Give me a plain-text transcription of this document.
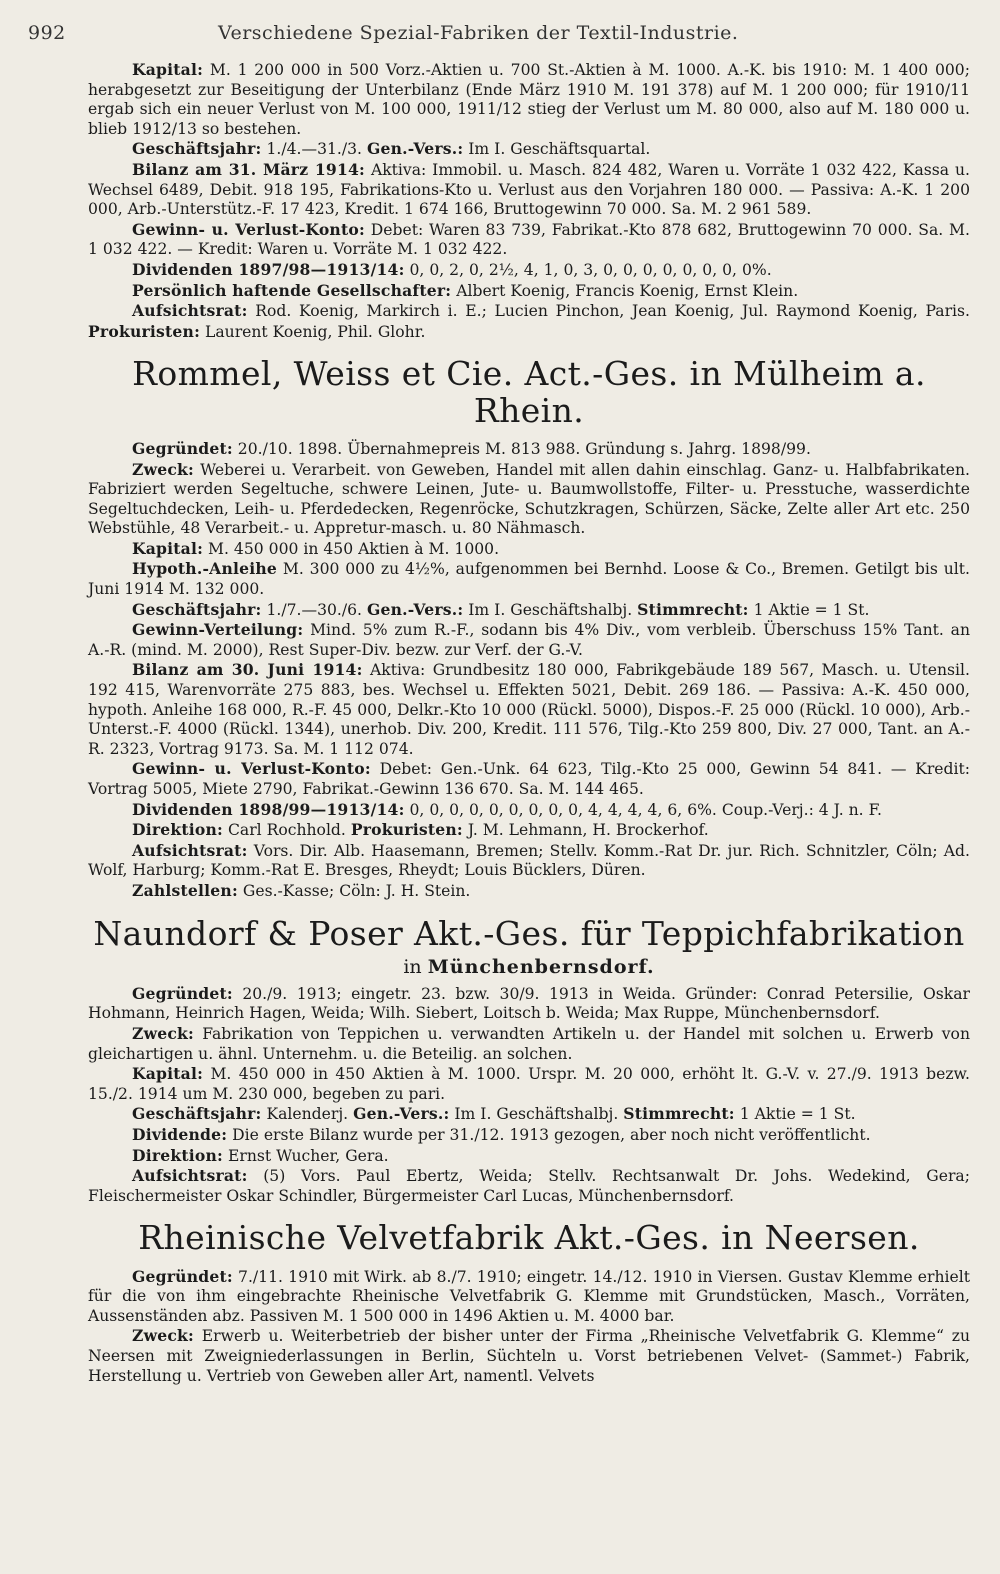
992	Verschiedene Spezial-Fabriken der Textil-Industrie.

Kapital: M. 1 200 000 in 500 Vorz.-Aktien u. 700 St.-Aktien à M. 1000. A.-K. bis 1910: M. 1 400 000; herabgesetzt zur Beseitigung der Unterbilanz (Ende März 1910 M. 191 378) auf M. 1 200 000; für 1910/11 ergab sich ein neuer Verlust von M. 100 000, 1911/12 stieg der Verlust um M. 80 000, also auf M. 180 000 u. blieb 1912/13 so bestehen.

Geschäftsjahr: 1./4.—31./3. Gen.-Vers.: Im I. Geschäftsquartal.

Bilanz am 31. März 1914: Aktiva: Immobil. u. Masch. 824 482, Waren u. Vorräte 1 032 422, Kassa u. Wechsel 6489, Debit. 918 195, Fabrikations-Kto u. Verlust aus den Vorjahren 180 000. — Passiva: A.-K. 1 200 000, Arb.-Unterstütz.-F. 17 423, Kredit. 1 674 166, Bruttogewinn 70 000. Sa. M. 2 961 589.

Gewinn- u. Verlust-Konto: Debet: Waren 83 739, Fabrikat.-Kto 878 682, Bruttogewinn 70 000. Sa. M. 1 032 422. — Kredit: Waren u. Vorräte M. 1 032 422.

Dividenden 1897/98—1913/14: 0, 0, 2, 0, 2½, 4, 1, 0, 3, 0, 0, 0, 0, 0, 0, 0, 0%.

Persönlich haftende Gesellschafter: Albert Koenig, Francis Koenig, Ernst Klein.

Aufsichtsrat: Rod. Koenig, Markirch i. E.; Lucien Pinchon, Jean Koenig, Jul. Raymond Koenig, Paris. Prokuristen: Laurent Koenig, Phil. Glohr.

Rommel, Weiss et Cie. Act.-Ges. in Mülheim a. Rhein.

Gegründet: 20./10. 1898. Übernahmepreis M. 813 988. Gründung s. Jahrg. 1898/99.

Zweck: Weberei u. Verarbeit. von Geweben, Handel mit allen dahin einschlag. Ganz- u. Halbfabrikaten. Fabriziert werden Segeltuche, schwere Leinen, Jute- u. Baumwollstoffe, Filter- u. Presstuche, wasserdichte Segeltuchdecken, Leih- u. Pferdedecken, Regenröcke, Schutzkragen, Schürzen, Säcke, Zelte aller Art etc. 250 Webstühle, 48 Verarbeit.- u. Appretur-masch. u. 80 Nähmasch.

Kapital: M. 450 000 in 450 Aktien à M. 1000.

Hypoth.-Anleihe M. 300 000 zu 4½%, aufgenommen bei Bernhd. Loose & Co., Bremen. Getilgt bis ult. Juni 1914 M. 132 000.

Geschäftsjahr: 1./7.—30./6. Gen.-Vers.: Im I. Geschäftshalbj. Stimmrecht: 1 Aktie = 1 St.

Gewinn-Verteilung: Mind. 5% zum R.-F., sodann bis 4% Div., vom verbleib. Überschuss 15% Tant. an A.-R. (mind. M. 2000), Rest Super-Div. bezw. zur Verf. der G.-V.

Bilanz am 30. Juni 1914: Aktiva: Grundbesitz 180 000, Fabrikgebäude 189 567, Masch. u. Utensil. 192 415, Warenvorräte 275 883, bes. Wechsel u. Effekten 5021, Debit. 269 186. — Passiva: A.-K. 450 000, hypoth. Anleihe 168 000, R.-F. 45 000, Delkr.-Kto 10 000 (Rückl. 5000), Dispos.-F. 25 000 (Rückl. 10 000), Arb.-Unterst.-F. 4000 (Rückl. 1344), unerhob. Div. 200, Kredit. 111 576, Tilg.-Kto 259 800, Div. 27 000, Tant. an A.-R. 2323, Vortrag 9173. Sa. M. 1 112 074.

Gewinn- u. Verlust-Konto: Debet: Gen.-Unk. 64 623, Tilg.-Kto 25 000, Gewinn 54 841. — Kredit: Vortrag 5005, Miete 2790, Fabrikat.-Gewinn 136 670. Sa. M. 144 465.

Dividenden 1898/99—1913/14: 0, 0, 0, 0, 0, 0, 0, 0, 0, 4, 4, 4, 4, 6, 6%. Coup.-Verj.: 4 J. n. F.

Direktion: Carl Rochhold. Prokuristen: J. M. Lehmann, H. Brockerhof.

Aufsichtsrat: Vors. Dir. Alb. Haasemann, Bremen; Stellv. Komm.-Rat Dr. jur. Rich. Schnitzler, Cöln; Ad. Wolf, Harburg; Komm.-Rat E. Bresges, Rheydt; Louis Bücklers, Düren.

Zahlstellen: Ges.-Kasse; Cöln: J. H. Stein.

Naundorf & Poser Akt.-Ges. für Teppichfabrikation
in Münchenbernsdorf.

Gegründet: 20./9. 1913; eingetr. 23. bzw. 30/9. 1913 in Weida. Gründer: Conrad Petersilie, Oskar Hohmann, Heinrich Hagen, Weida; Wilh. Siebert, Loitsch b. Weida; Max Ruppe, Münchenbernsdorf.

Zweck: Fabrikation von Teppichen u. verwandten Artikeln u. der Handel mit solchen u. Erwerb von gleichartigen u. ähnl. Unternehm. u. die Beteilig. an solchen.

Kapital: M. 450 000 in 450 Aktien à M. 1000. Urspr. M. 20 000, erhöht lt. G.-V. v. 27./9. 1913 bezw. 15./2. 1914 um M. 230 000, begeben zu pari.

Geschäftsjahr: Kalenderj. Gen.-Vers.: Im I. Geschäftshalbj. Stimmrecht: 1 Aktie = 1 St.

Dividende: Die erste Bilanz wurde per 31./12. 1913 gezogen, aber noch nicht veröffentlicht.

Direktion: Ernst Wucher, Gera.

Aufsichtsrat: (5) Vors. Paul Ebertz, Weida; Stellv. Rechtsanwalt Dr. Johs. Wedekind, Gera; Fleischermeister Oskar Schindler, Bürgermeister Carl Lucas, Münchenbernsdorf.

Rheinische Velvetfabrik Akt.-Ges. in Neersen.

Gegründet: 7./11. 1910 mit Wirk. ab 8./7. 1910; eingetr. 14./12. 1910 in Viersen. Gustav Klemme erhielt für die von ihm eingebrachte Rheinische Velvetfabrik G. Klemme mit Grundstücken, Masch., Vorräten, Aussenständen abz. Passiven M. 1 500 000 in 1496 Aktien u. M. 4000 bar.

Zweck: Erwerb u. Weiterbetrieb der bisher unter der Firma „Rheinische Velvetfabrik G. Klemme“ zu Neersen mit Zweigniederlassungen in Berlin, Süchteln u. Vorst betriebenen Velvet- (Sammet-) Fabrik, Herstellung u. Vertrieb von Geweben aller Art, namentl. Velvets
